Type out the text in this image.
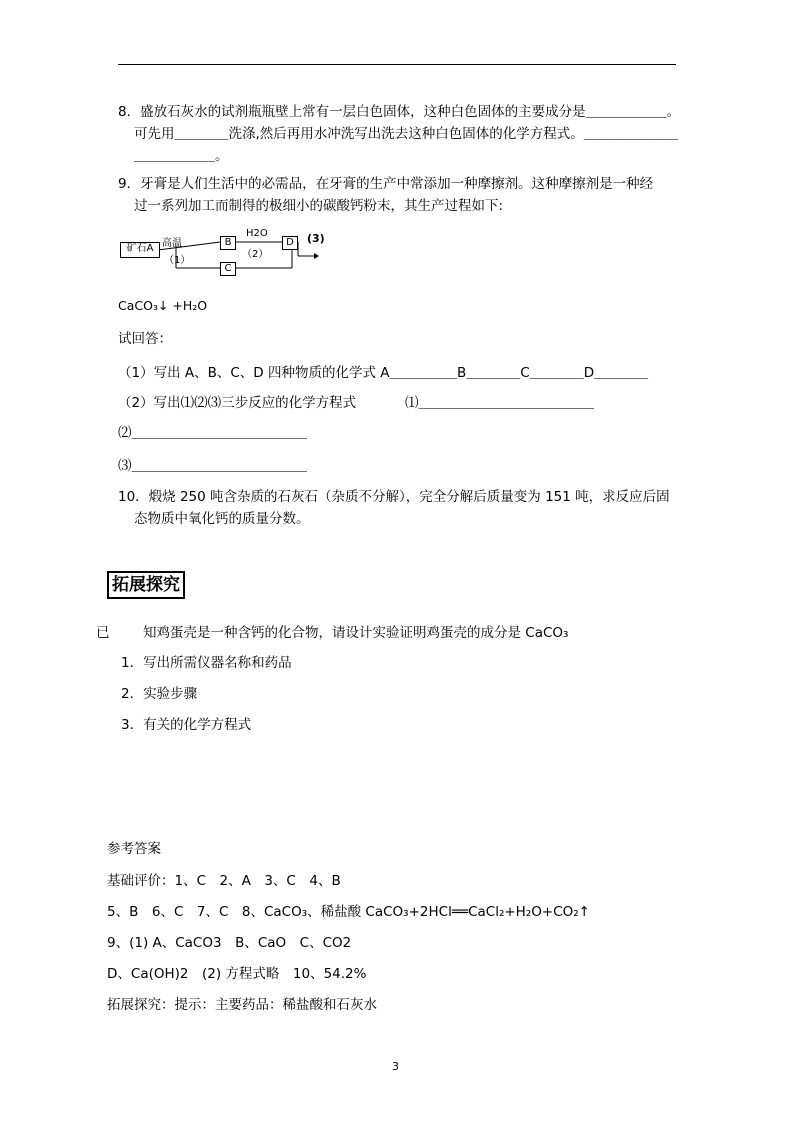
8．盛放石灰水的试剂瓶瓶壁上常有一层白色固体，这种白色固体的主要成分是＿＿＿＿＿＿。
可先用＿＿＿＿洗涤,然后再用水冲洗写出洗去这种白色固体的化学方程式。＿＿＿＿＿＿＿
＿＿＿＿＿＿。
9．牙膏是人们生活中的必需品，在牙膏的生产中常添加一种摩擦剂。这种摩擦剂是一种经
过一系列加工而制得的极细小的碳酸钙粉末，其生产过程如下:
矿石A 高温
（1）
B
H2O
（2）
D	(3)
C
CaCO₃↓ +H₂O
试回答：
（1）写出 A、B、C、D 四种物质的化学式 A＿＿＿＿＿B＿＿＿＿C＿＿＿＿D＿＿＿＿
（2）写出⑴⑵⑶三步反应的化学方程式	⑴＿＿＿＿＿＿＿＿＿＿＿＿＿
⑵＿＿＿＿＿＿＿＿＿＿＿＿＿
⑶＿＿＿＿＿＿＿＿＿＿＿＿＿
10．煅烧 250 吨含杂质的石灰石（杂质不分解），完全分解后质量变为 151 吨，求反应后固
态物质中氧化钙的质量分数。
拓展探究
已 知鸡蛋壳是一种含钙的化合物，请设计实验证明鸡蛋壳的成分是 CaCO₃
1．写出所需仪器名称和药品
2．实验步骤
3．有关的化学方程式
参考答案
基础评价：1、C　2、A　3、C　4、B
5、B　6、C　7、C　8、CaCO₃、稀盐酸 CaCO₃+2HCl══CaCl₂+H₂O+CO₂↑
9、(1) A、CaCO3　B、CaO　C、CO2
D、Ca(OH)2　(2) 方程式略　10、54.2%
拓展探究：提示：主要药品：稀盐酸和石灰水
3
